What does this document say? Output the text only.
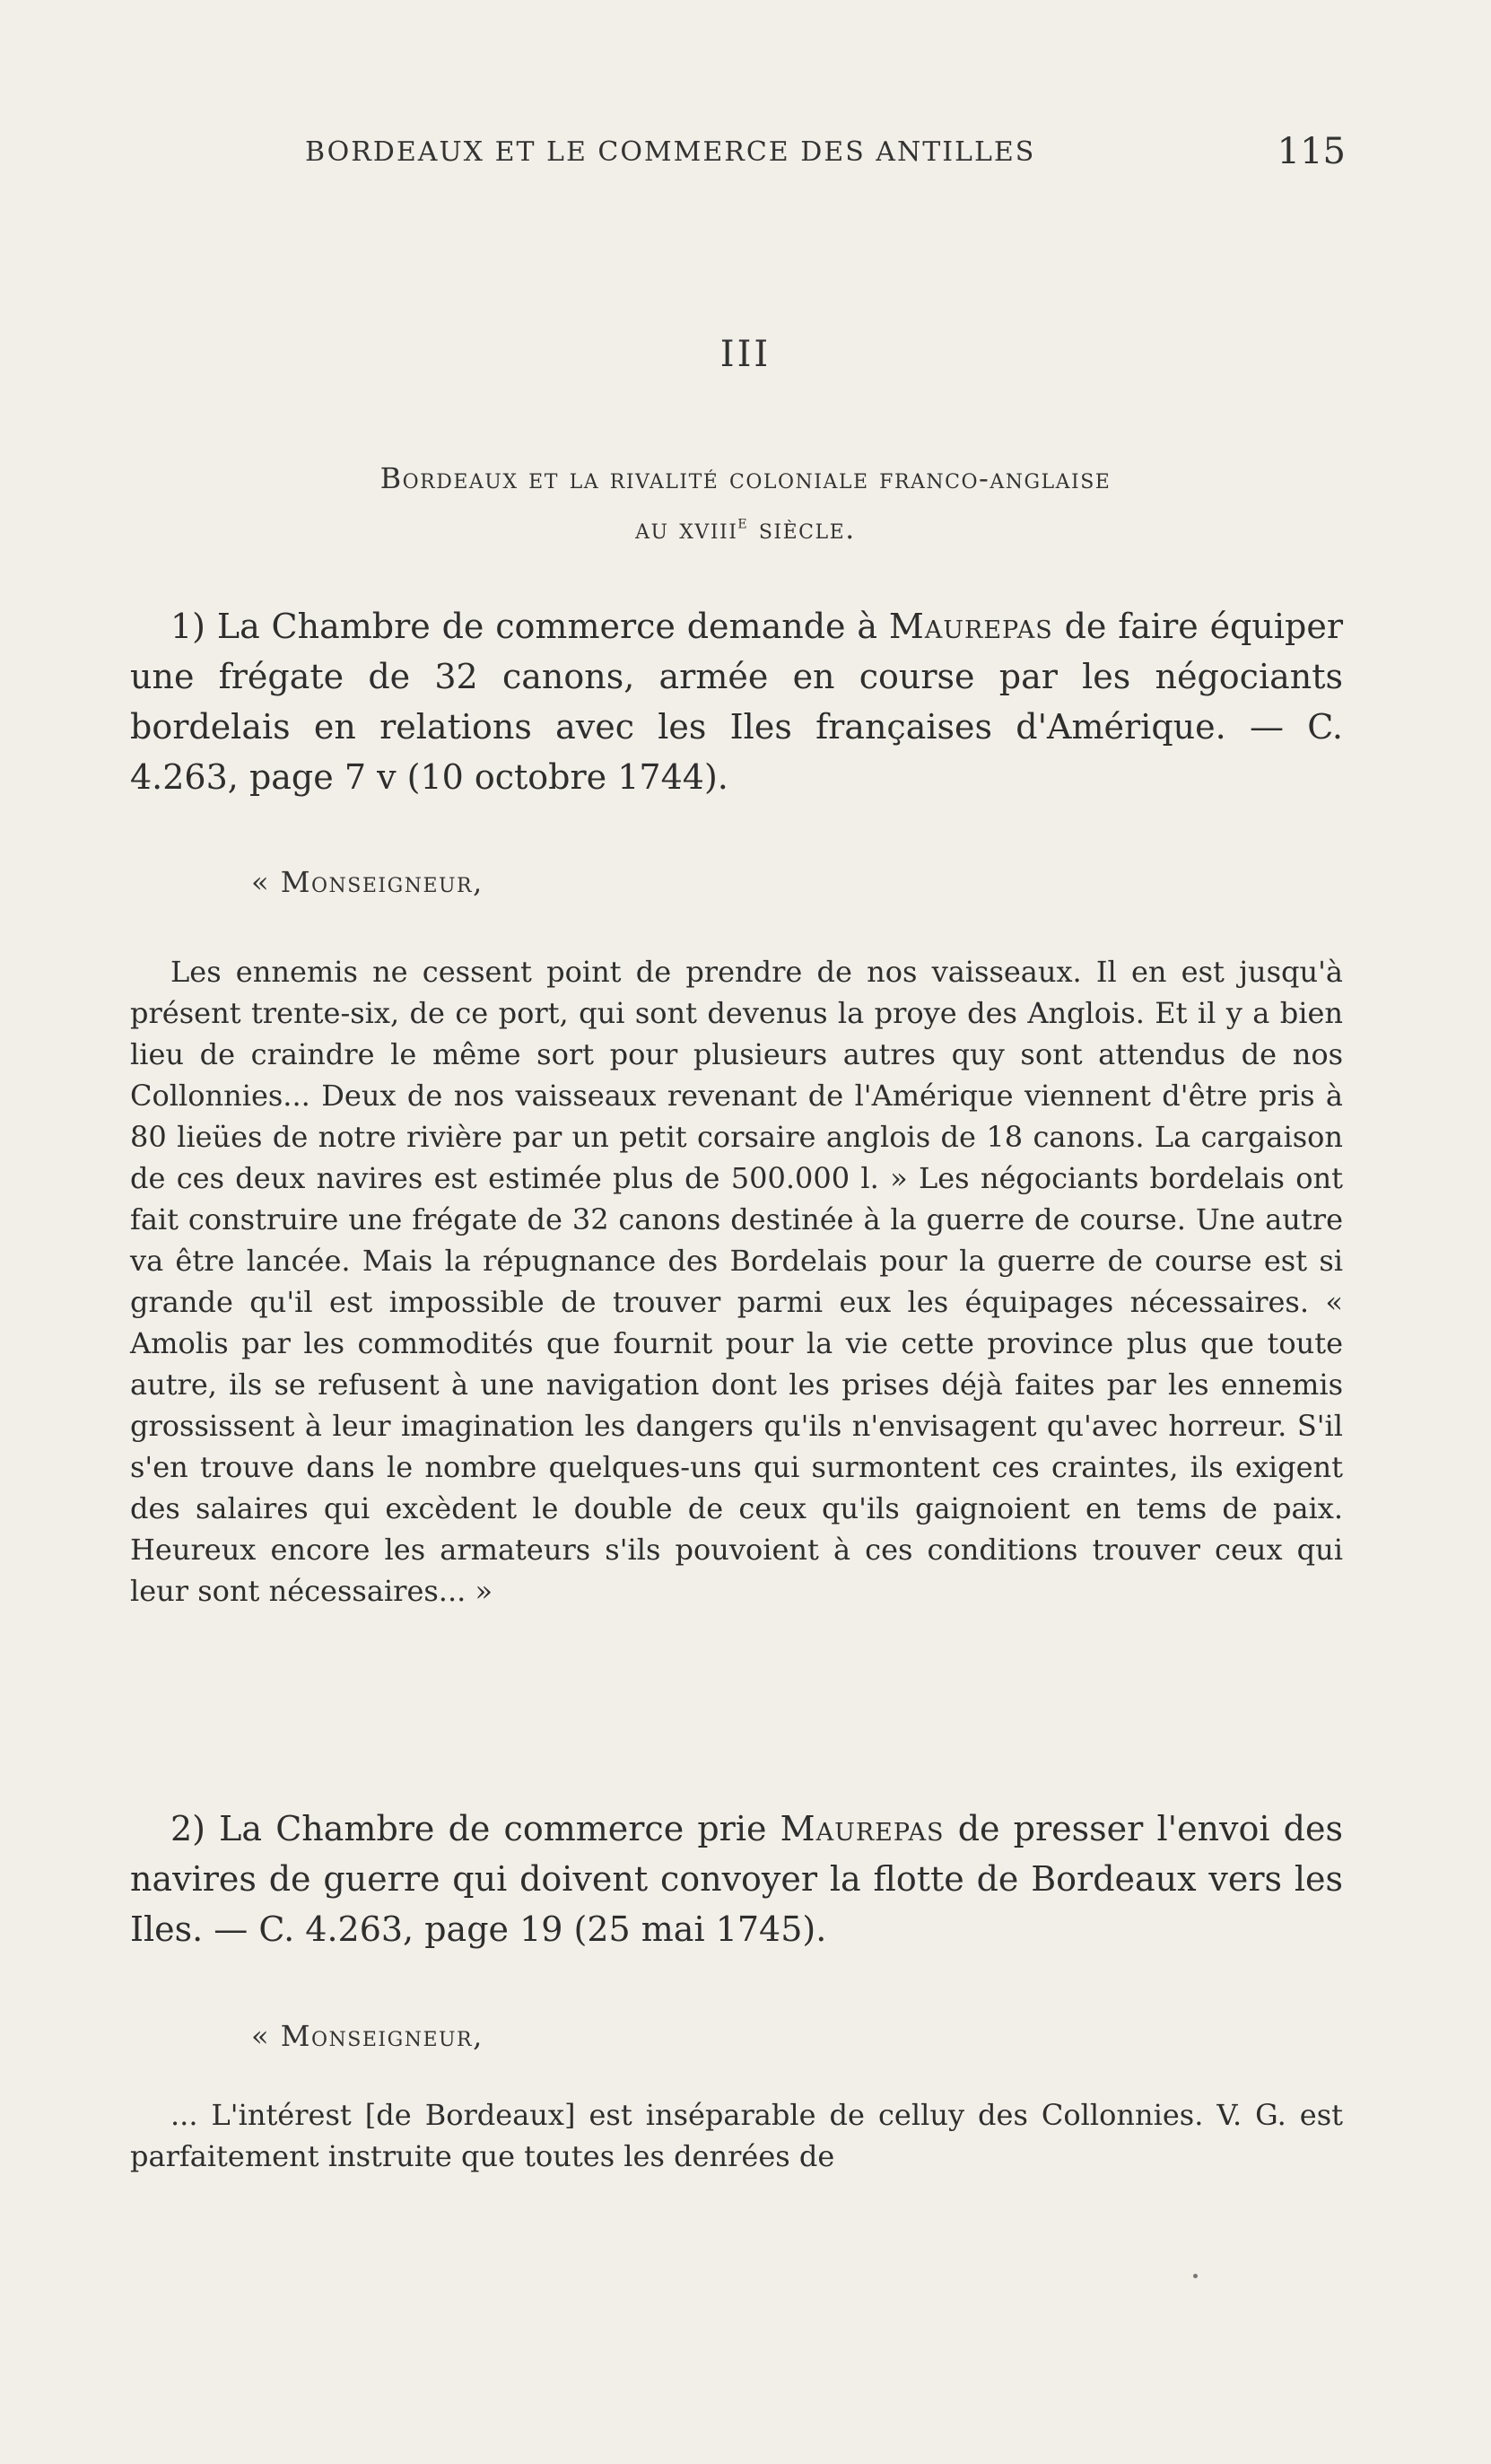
BORDEAUX ET LE COMMERCE DES ANTILLES	115
III
Bordeaux et la rivalité coloniale franco-anglaise
au xviii$^e$ siècle.

1) La Chambre de commerce demande à Maurepas de faire équiper une frégate de 32 canons, armée en course par les négociants bordelais en relations avec les Iles françaises d'Amérique. — C. 4.263, page 7 v (10 octobre 1744).

« Monseigneur,

Les ennemis ne cessent point de prendre de nos vaisseaux. Il en est jusqu'à présent trente-six, de ce port, qui sont devenus la proye des Anglois. Et il y a bien lieu de craindre le même sort pour plusieurs autres quy sont attendus de nos Collonnies... Deux de nos vaisseaux revenant de l'Amérique viennent d'être pris à 80 lieües de notre rivière par un petit corsaire anglois de 18 canons. La cargaison de ces deux navires est estimée plus de 500.000 l. » Les négociants bordelais ont fait construire une frégate de 32 canons destinée à la guerre de course. Une autre va être lancée. Mais la répugnance des Bordelais pour la guerre de course est si grande qu'il est impossible de trouver parmi eux les équipages nécessaires. « Amolis par les commodités que fournit pour la vie cette province plus que toute autre, ils se refusent à une navigation dont les prises déjà faites par les ennemis grossissent à leur imagination les dangers qu'ils n'envisagent qu'avec horreur. S'il s'en trouve dans le nombre quelques-uns qui surmontent ces craintes, ils exigent des salaires qui excèdent le double de ceux qu'ils gaignoient en tems de paix. Heureux encore les armateurs s'ils pouvoient à ces conditions trouver ceux qui leur sont nécessaires... »

2) La Chambre de commerce prie Maurepas de presser l'envoi des navires de guerre qui doivent convoyer la flotte de Bordeaux vers les Iles. — C. 4.263, page 19 (25 mai 1745).

« Monseigneur,

... L'intérest [de Bordeaux] est inséparable de celluy des Collonnies. V. G. est parfaitement instruite que toutes les denrées de
